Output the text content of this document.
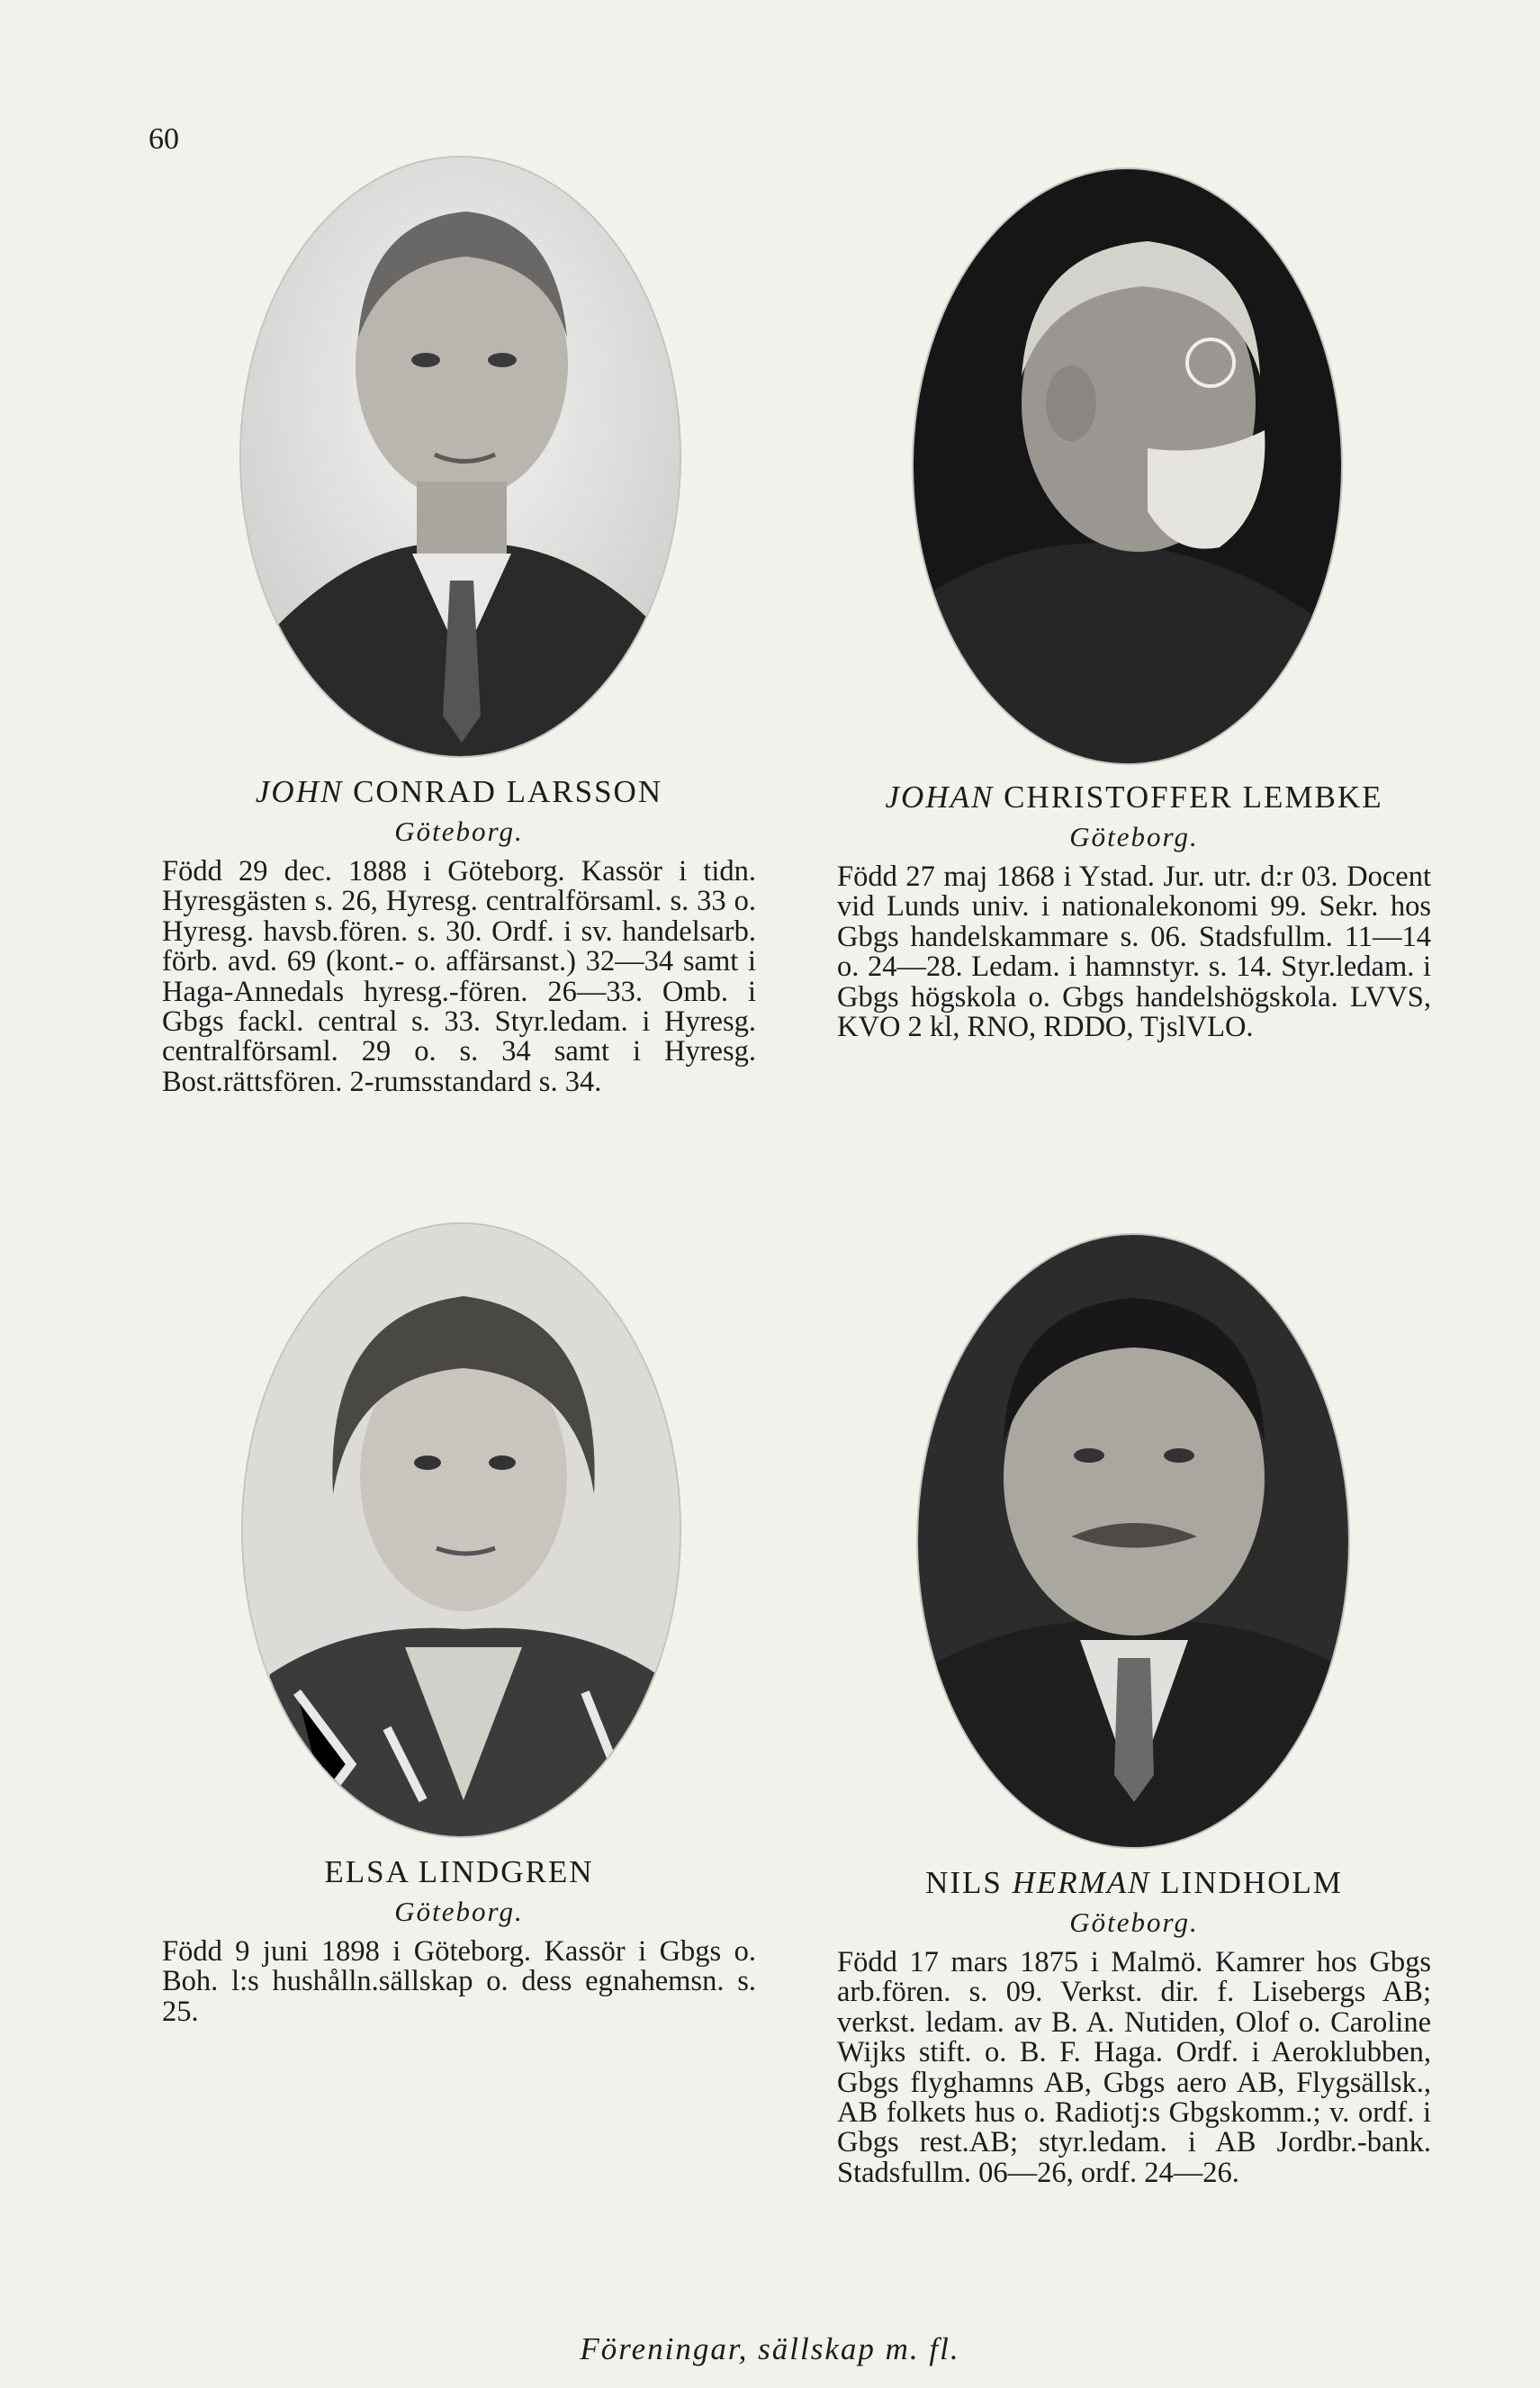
60
JOHN CONRAD LARSSON
Göteborg.
Född 29 dec. 1888 i Göteborg. Kassör i tidn. Hyresgästen s. 26, Hyresg. centralförsaml. s. 33 o. Hyresg. havsb.fören. s. 30. Ordf. i sv. handelsarb. förb. avd. 69 (kont.- o. affärsanst.) 32—34 samt i Haga-Annedals hyresg.-fören. 26—33. Omb. i Gbgs fackl. central s. 33. Styr.ledam. i Hyresg. centralförsaml. 29 o. s. 34 samt i Hyresg. Bost.rättsfören. 2-rumsstandard s. 34.
JOHAN CHRISTOFFER LEMBKE
Göteborg.
Född 27 maj 1868 i Ystad. Jur. utr. d:r 03. Docent vid Lunds univ. i nationalekonomi 99. Sekr. hos Gbgs handelskammare s. 06. Stadsfullm. 11—14 o. 24—28. Ledam. i hamnstyr. s. 14. Styr.ledam. i Gbgs högskola o. Gbgs handelshögskola. LVVS, KVO 2 kl, RNO, RDDO, TjslVLO.
ELSA LINDGREN
Göteborg.
Född 9 juni 1898 i Göteborg. Kassör i Gbgs o. Boh. l:s hushålln.sällskap o. dess egnahemsn. s. 25.
NILS HERMAN LINDHOLM
Göteborg.
Född 17 mars 1875 i Malmö. Kamrer hos Gbgs arb.fören. s. 09. Verkst. dir. f. Lisebergs AB; verkst. ledam. av B. A. Nutiden, Olof o. Caroline Wijks stift. o. B. F. Haga. Ordf. i Aeroklubben, Gbgs flyghamns AB, Gbgs aero AB, Flygsällsk., AB folkets hus o. Radiotj:s Gbgskomm.; v. ordf. i Gbgs rest.AB; styr.ledam. i AB Jordbr.-bank. Stadsfullm. 06—26, ordf. 24—26.
Föreningar, sällskap m. fl.
